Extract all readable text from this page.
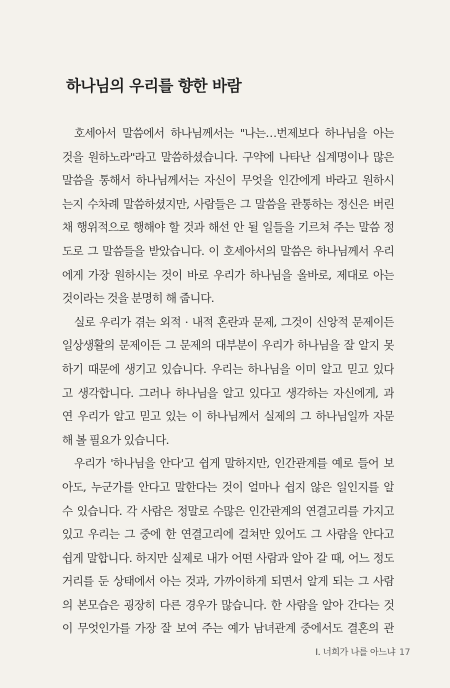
하나님의 우리를 향한 바람
호세아서 말씀에서 하나님께서는 "나는…번제보다 하나님을 아는
것을 원하노라"라고 말씀하셨습니다. 구약에 나타난 십계명이나 많은
말씀을 통해서 하나님께서는 자신이 무엇을 인간에게 바라고 원하시
는지 수차례 말씀하셨지만, 사람들은 그 말씀을 관통하는 정신은 버린
채 행위적으로 행해야 할 것과 해선 안 될 일들을 기르쳐 주는 말씀 정
도로 그 말씀들을 받았습니다. 이 호세아서의 말씀은 하나님께서 우리
에게 가장 원하시는 것이 바로 우리가 하나님을 올바로, 제대로 아는
것이라는 것을 분명히 해 줍니다.
실로 우리가 겪는 외적 · 내적 혼란과 문제, 그것이 신앙적 문제이든
일상생활의 문제이든 그 문제의 대부분이 우리가 하나님을 잘 알지 못
하기 때문에 생기고 있습니다. 우리는 하나님을 이미 알고 믿고 있다
고 생각합니다. 그러나 하나님을 알고 있다고 생각하는 자신에게, 과
연 우리가 알고 믿고 있는 이 하나님께서 실제의 그 하나님일까 자문
해 볼 필요가 있습니다.
우리가 '하나님을 안다'고 쉽게 말하지만, 인간관계를 예로 들어 보
아도, 누군가를 안다고 말한다는 것이 얼마나 쉽지 않은 일인지를 알
수 있습니다. 각 사람은 정말로 수많은 인간관계의 연결고리를 가지고
있고 우리는 그 중에 한 연결고리에 걸쳐만 있어도 그 사람을 안다고
쉽게 말합니다. 하지만 실제로 내가 어떤 사람과 알아 갈 때, 어느 정도
거리를 둔 상태에서 아는 것과, 가까이하게 되면서 알게 되는 그 사람
의 본모습은 굉장히 다른 경우가 많습니다. 한 사람을 알아 간다는 것
이 무엇인가를 가장 잘 보여 주는 예가 남녀관계 중에서도 결혼의 관
I. 너희가 나를 아느냐 17
